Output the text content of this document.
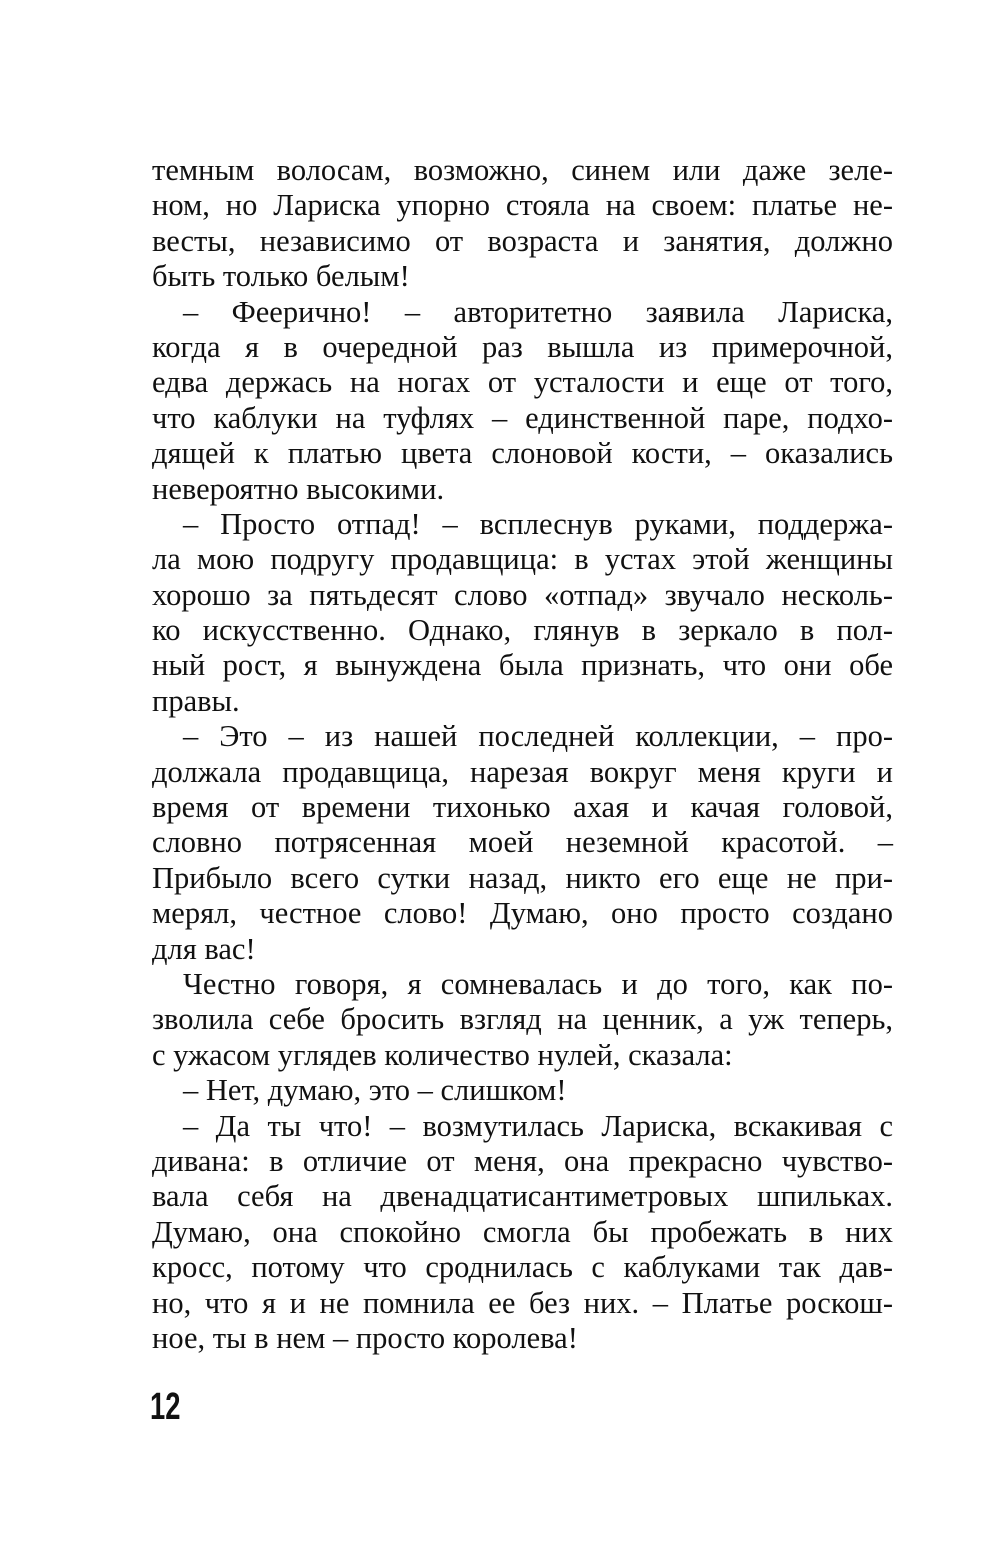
темным волосам, возможно, синем или даже зеле-
ном, но Лариска упорно стояла на своем: платье не-
весты, независимо от возраста и занятия, должно
быть только белым!
– Феерично! – авторитетно заявила Лариска,
когда я в очередной раз вышла из примерочной,
едва держась на ногах от усталости и еще от того,
что каблуки на туфлях – единственной паре, подхо-
дящей к платью цвета слоновой кости, – оказались
невероятно высокими.
– Просто отпад! – всплеснув руками, поддержа-
ла мою подругу продавщица: в устах этой женщины
хорошо за пятьдесят слово «отпад» звучало несколь-
ко искусственно. Однако, глянув в зеркало в пол-
ный рост, я вынуждена была признать, что они обе
правы.
– Это – из нашей последней коллекции, – про-
должала продавщица, нарезая вокруг меня круги и
время от времени тихонько ахая и качая головой,
словно потрясенная моей неземной красотой. –
Прибыло всего сутки назад, никто его еще не при-
мерял, честное слово! Думаю, оно просто создано
для вас!
Честно говоря, я сомневалась и до того, как по-
зволила себе бросить взгляд на ценник, а уж теперь,
с ужасом углядев количество нулей, сказала:
– Нет, думаю, это – слишком!
– Да ты что! – возмутилась Лариска, вскакивая с
дивана: в отличие от меня, она прекрасно чувство-
вала себя на двенадцатисантиметровых шпильках.
Думаю, она спокойно смогла бы пробежать в них
кросс, потому что сроднилась с каблуками так дав-
но, что я и не помнила ее без них. – Платье роскош-
ное, ты в нем – просто королева!
12
